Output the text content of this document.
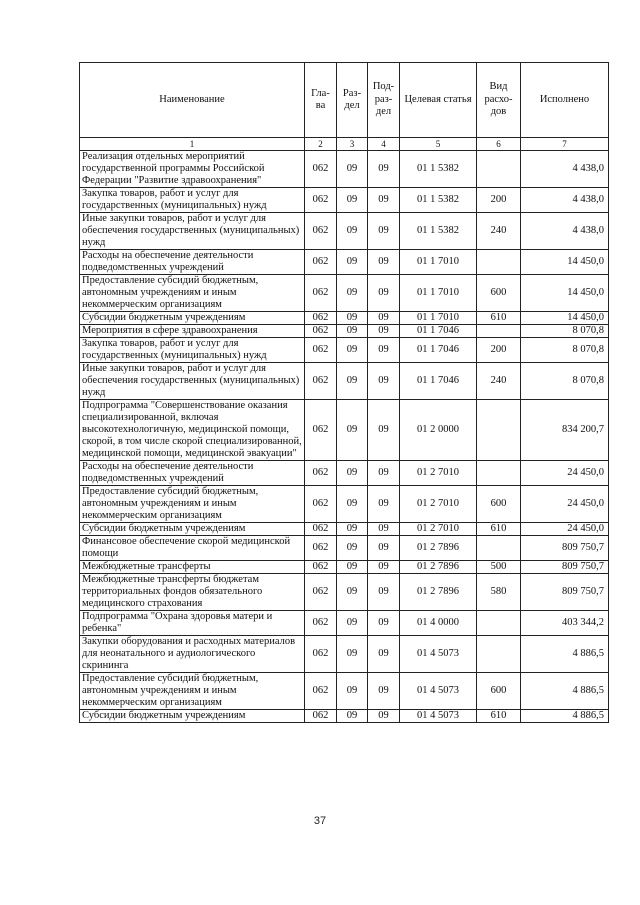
Наименование	Гла-ва	Раз-дел	Под-раз-дел	Целевая статья	Вид расхо-дов	Исполнено
1	2	3	4	5	6	7
Реализация отдельных мероприятий государственной программы Российской Федерации "Развитие здравоохранения"	062	09	09	01 1 5382		4 438,0
Закупка товаров, работ и услуг для государственных (муниципальных) нужд	062	09	09	01 1 5382	200	4 438,0
Иные закупки товаров, работ и услуг для обеспечения государственных (муниципальных) нужд	062	09	09	01 1 5382	240	4 438,0
Расходы на обеспечение деятельности подведомственных учреждений	062	09	09	01 1 7010		14 450,0
Предоставление субсидий бюджетным, автономным учреждениям и иным некоммерческим организациям	062	09	09	01 1 7010	600	14 450,0
Субсидии бюджетным учреждениям	062	09	09	01 1 7010	610	14 450,0
Мероприятия в сфере здравоохранения	062	09	09	01 1 7046		8 070,8
Закупка товаров, работ и услуг для государственных (муниципальных) нужд	062	09	09	01 1 7046	200	8 070,8
Иные закупки товаров, работ и услуг для обеспечения государственных (муниципальных) нужд	062	09	09	01 1 7046	240	8 070,8
Подпрограмма "Совершенствование оказания специализированной, включая высокотехнологичную, медицинской помощи, скорой, в том числе скорой специализированной, медицинской помощи, медицинской эвакуации"	062	09	09	01 2 0000		834 200,7
Расходы на обеспечение деятельности подведомственных учреждений	062	09	09	01 2 7010		24 450,0
Предоставление субсидий бюджетным, автономным учреждениям и иным некоммерческим организациям	062	09	09	01 2 7010	600	24 450,0
Субсидии бюджетным учреждениям	062	09	09	01 2 7010	610	24 450,0
Финансовое обеспечение скорой медицинской помощи	062	09	09	01 2 7896		809 750,7
Межбюджетные трансферты	062	09	09	01 2 7896	500	809 750,7
Межбюджетные трансферты бюджетам территориальных фондов обязательного медицинского страхования	062	09	09	01 2 7896	580	809 750,7
Подпрограмма "Охрана здоровья матери и ребенка"	062	09	09	01 4 0000		403 344,2
Закупки оборудования и расходных материалов для неонатального и аудиологического скрининга	062	09	09	01 4 5073		4 886,5
Предоставление субсидий бюджетным, автономным учреждениям и иным некоммерческим организациям	062	09	09	01 4 5073	600	4 886,5
Субсидии бюджетным учреждениям	062	09	09	01 4 5073	610	4 886,5
37
